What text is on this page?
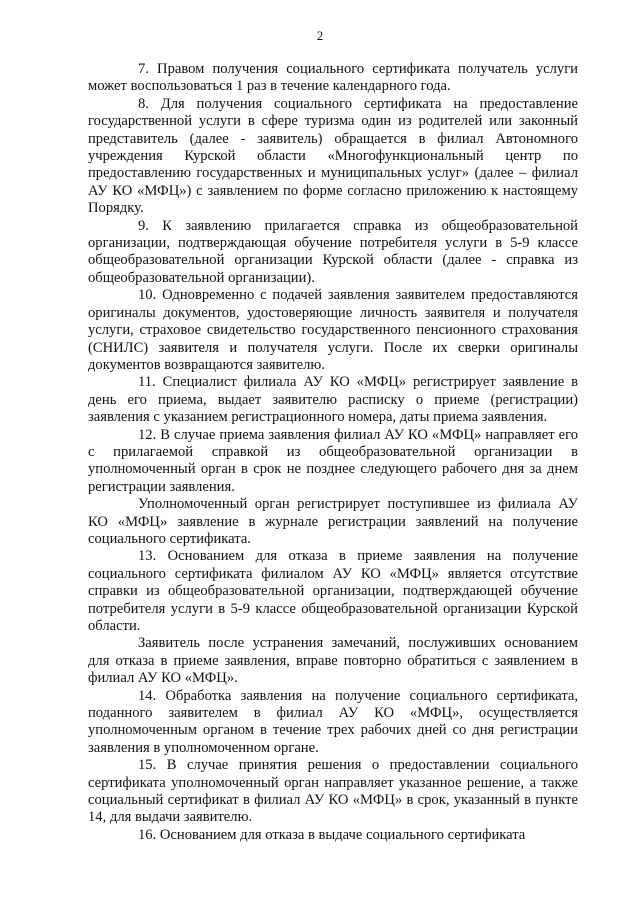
2

7. Правом получения социального сертификата получатель услуги может воспользоваться 1 раз в течение календарного года.

8. Для получения социального сертификата на предоставление государственной услуги в сфере туризма один из родителей или законный представитель (далее - заявитель) обращается в филиал Автономного учреждения Курской области «Многофункциональный центр по предоставлению государственных и муниципальных услуг» (далее – филиал АУ КО «МФЦ») с заявлением по форме согласно приложению к настоящему Порядку.

9. К заявлению прилагается справка из общеобразовательной организации, подтверждающая обучение потребителя услуги в 5-9 классе общеобразовательной организации Курской области (далее - справка из общеобразовательной организации).

10. Одновременно с подачей заявления заявителем предоставляются оригиналы документов, удостоверяющие личность заявителя и получателя услуги, страховое свидетельство государственного пенсионного страхования (СНИЛС) заявителя и получателя услуги. После их сверки оригиналы документов возвращаются заявителю.

11. Специалист филиала АУ КО «МФЦ» регистрирует заявление в день его приема, выдает заявителю расписку о приеме (регистрации) заявления с указанием регистрационного номера, даты приема заявления.

12. В случае приема заявления филиал АУ КО «МФЦ» направляет его с прилагаемой справкой из общеобразовательной организации в уполномоченный орган в срок не позднее следующего рабочего дня за днем регистрации заявления.

Уполномоченный орган регистрирует поступившее из филиала АУ КО «МФЦ» заявление в журнале регистрации заявлений на получение социального сертификата.

13. Основанием для отказа в приеме заявления на получение социального сертификата филиалом АУ КО «МФЦ» является отсутствие справки из общеобразовательной организации, подтверждающей обучение потребителя услуги в 5-9 классе общеобразовательной организации Курской области.

Заявитель после устранения замечаний, послуживших основанием для отказа в приеме заявления, вправе повторно обратиться с заявлением в филиал АУ КО «МФЦ».

14. Обработка заявления на получение социального сертификата, поданного заявителем в филиал АУ КО «МФЦ», осуществляется уполномоченным органом в течение трех рабочих дней со дня регистрации заявления в уполномоченном органе.

15. В случае принятия решения о предоставлении социального сертификата уполномоченный орган направляет указанное решение, а также социальный сертификат в филиал АУ КО «МФЦ» в срок, указанный в пункте 14, для выдачи заявителю.

16. Основанием для отказа в выдаче социального сертификата
